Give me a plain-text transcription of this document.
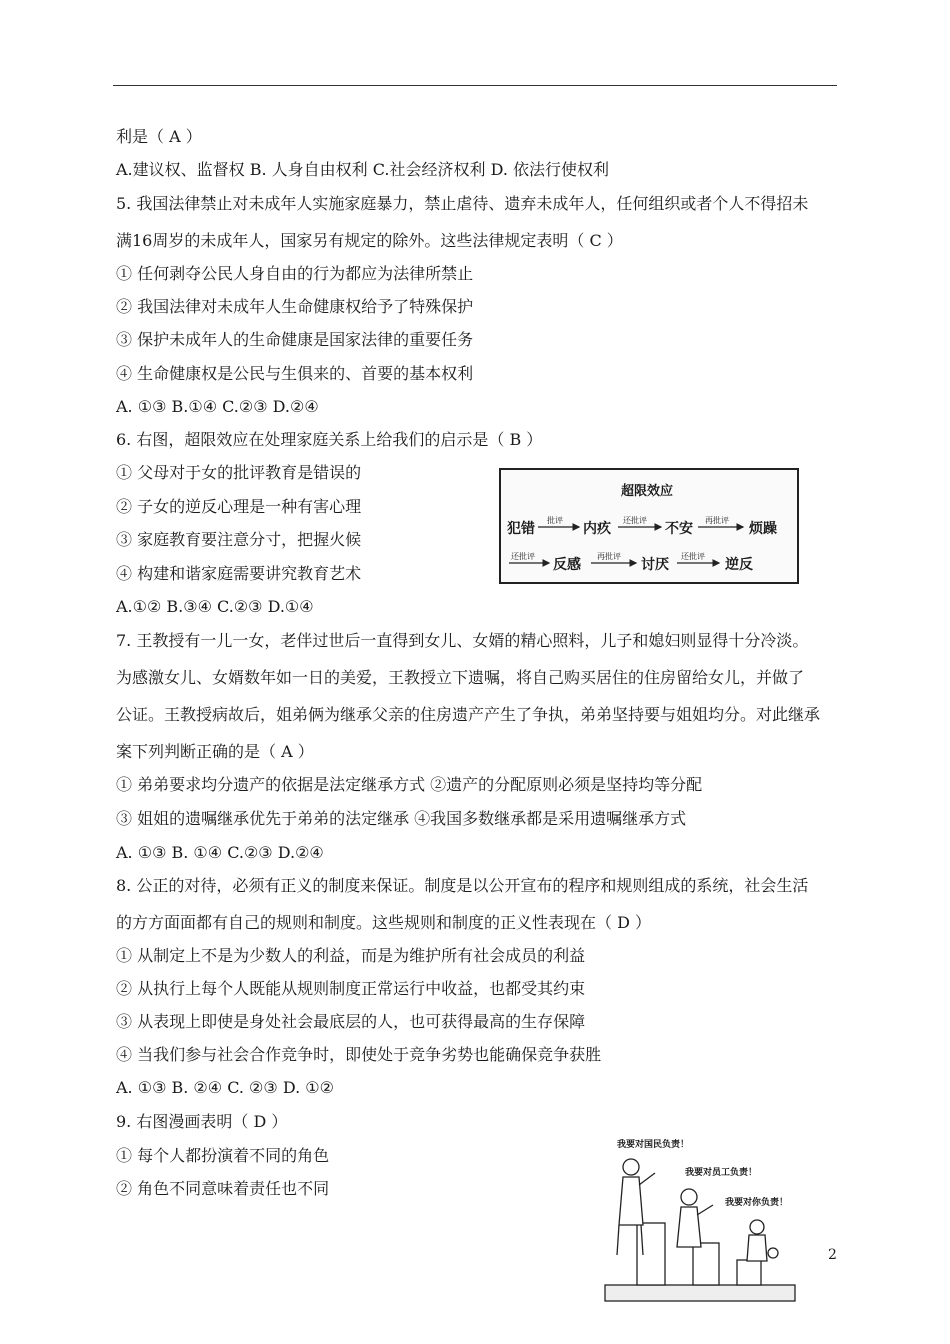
利是（ A ）
A.建议权、监督权 B. 人身自由权利 C.社会经济权利 D. 依法行使权利
5. 我国法律禁止对未成年人实施家庭暴力，禁止虐待、遗弃未成年人，任何组织或者个人不得招未
满16周岁的未成年人，国家另有规定的除外。这些法律规定表明（ C ）
① 任何剥夺公民人身自由的行为都应为法律所禁止
② 我国法律对未成年人生命健康权给予了特殊保护
③ 保护未成年人的生命健康是国家法律的重要任务
④ 生命健康权是公民与生俱来的、首要的基本权利
A. ①③ B.①④ C.②③ D.②④
6. 右图，超限效应在处理家庭关系上给我们的启示是（ B ）
① 父母对于女的批评教育是错误的
② 子女的逆反心理是一种有害心理
③ 家庭教育要注意分寸，把握火候
④ 构建和谐家庭需要讲究教育艺术
A.①② B.③④ C.②③ D.①④
7. 王教授有一儿一女，老伴过世后一直得到女儿、女婿的精心照料，儿子和媳妇则显得十分冷淡。
为感激女儿、女婿数年如一日的美爱，王教授立下遗嘱，将自己购买居住的住房留给女儿，并做了
公证。王教授病故后，姐弟俩为继承父亲的住房遗产产生了争执，弟弟坚持要与姐姐均分。对此继承
案下列判断正确的是（ A ）
① 弟弟要求均分遗产的依据是法定继承方式 ②遗产的分配原则必须是坚持均等分配
③ 姐姐的遗嘱继承优先于弟弟的法定继承 ④我国多数继承都是采用遗嘱继承方式
A. ①③ B. ①④ C.②③ D.②④
8. 公正的对待，必须有正义的制度来保证。制度是以公开宣布的程序和规则组成的系统，社会生活
的方方面面都有自己的规则和制度。这些规则和制度的正义性表现在（ D ）
① 从制定上不是为少数人的利益，而是为维护所有社会成员的利益
② 从执行上每个人既能从规则制度正常运行中收益，也都受其约束
③ 从表现上即使是身处社会最底层的人，也可获得最高的生存保障
④ 当我们参与社会合作竞争时，即使处于竞争劣势也能确保竞争获胜
A. ①③ B. ②④ C. ②③ D. ①②
9. 右图漫画表明（ D ）
① 每个人都扮演着不同的角色
② 角色不同意味着责任也不同
超限效应
犯错
批评
内疚
还批评
不安
再批评
烦躁
还批评
反感
再批评
讨厌
还批评
逆反
我要对国民负责！
我要对员工负责！
我要对你负责！
2
